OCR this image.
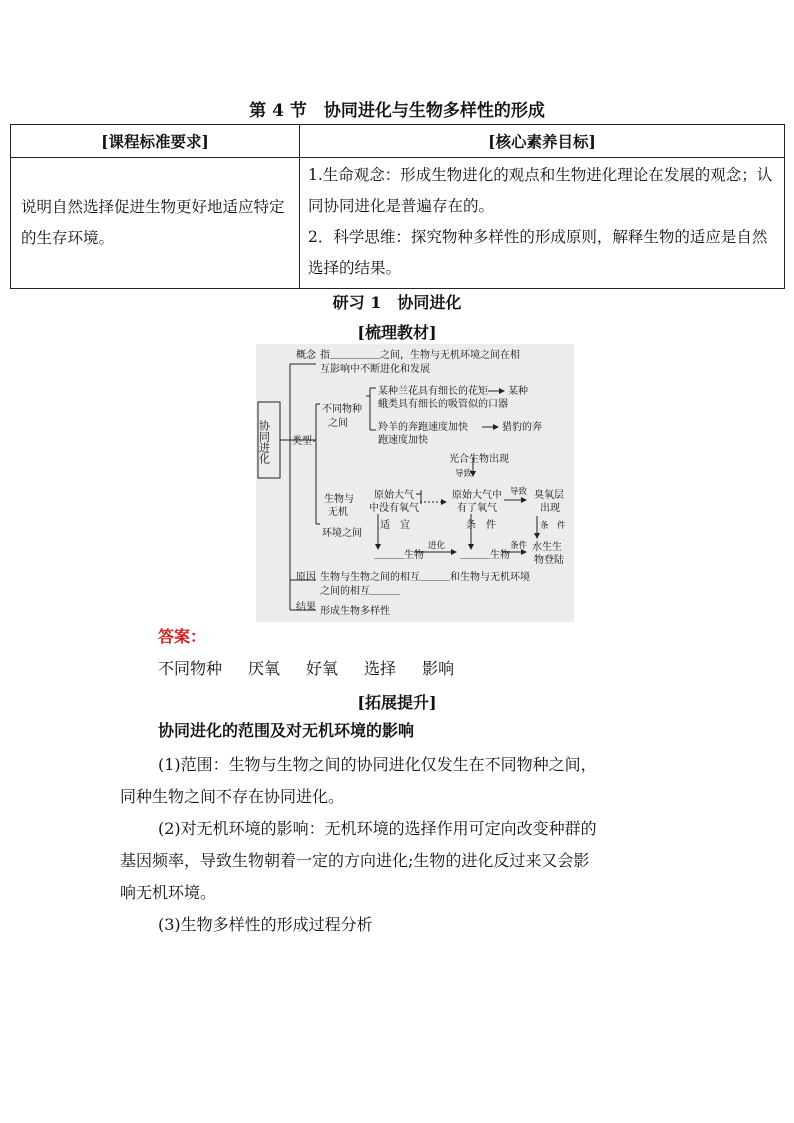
第 4 节　协同进化与生物多样性的形成
[课程标准要求]	[核心素养目标]
说明自然选择促进生物更好地适应特定的生存环境。	1.生命观念：形成生物进化的观点和生物进化理论在发展的观念；认同协同进化是普遍存在的。
2．科学思维：探究物种多样性的形成原则，解释生物的适应是自然选择的结果。
研习 1　协同进化
[梳理教材]
协同进化
概念 指＿＿＿＿＿之间，生物与无机环境之间在相
互影响中不断进化和发展
类型
不同物种
之间
某种兰花具有细长的花矩 某种
蛾类具有细长的吸管似的口器
羚羊的奔跑速度加快	猎豹的奔
跑速度加快
生物与
无机
环境之间
光合生物出现
导致
原始大气
中没有氧气
原始大气中
有了氧气
导致 臭氧层
出现
适　宜	条　件	条　件
＿＿＿生物
进化
＿＿＿生物
条件 水生生
物登陆
原因 生物与生物之间的相互＿＿＿和生物与无机环境
之间的相互＿＿＿
结果 形成生物多样性
答案：
不同物种 厌氧 好氧 选择 影响
[拓展提升]
协同进化的范围及对无机环境的影响
(1)范围：生物与生物之间的协同进化仅发生在不同物种之间，
同种生物之间不存在协同进化。
(2)对无机环境的影响：无机环境的选择作用可定向改变种群的
基因频率，导致生物朝着一定的方向进化;生物的进化反过来又会影
响无机环境。
(3)生物多样性的形成过程分析
